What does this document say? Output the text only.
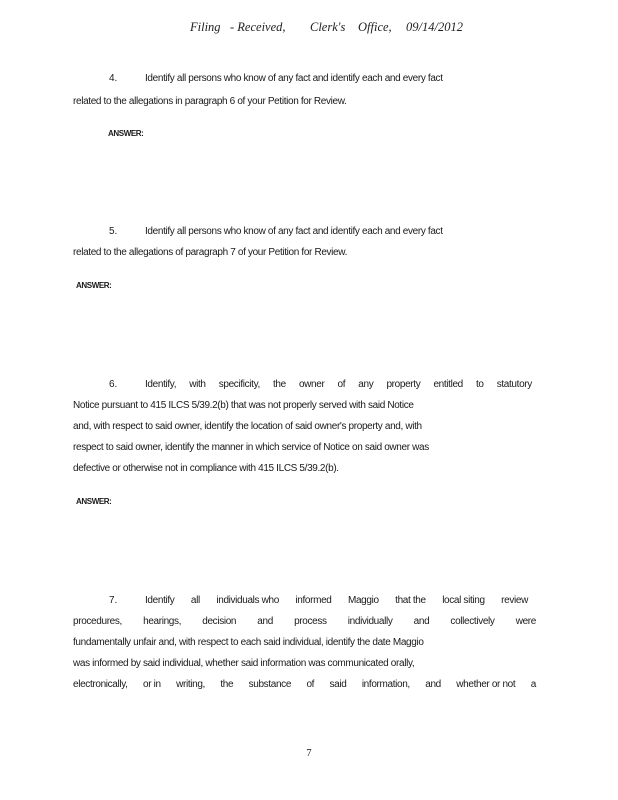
Filing - Received, Clerk's Office, 09/14/2012
4.	Identify all persons who know of any fact and identify each and every fact
related to the allegations in paragraph 6 of your Petition for Review.
ANSWER:
5.	Identify all persons who know of any fact and identify each and every fact
related to the allegations of paragraph 7 of your Petition for Review.
ANSWER:
6.	Identify, with specificity, the owner of any property entitled to statutory
Notice pursuant to 415 ILCS 5/39.2(b) that was not properly served with said Notice
and, with respect to said owner, identify the location of said owner's property and, with
respect to said owner, identify the manner in which service of Notice on said owner was
defective or otherwise not in compliance with 415 ILCS 5/39.2(b).
ANSWER:
7.	Identify all individuals who informed Maggio that the local siting review
procedures, hearings, decision and process individually and collectively were
fundamentally unfair and, with respect to each said individual, identify the date Maggio
was informed by said individual, whether said information was communicated orally,
electronically, or in writing, the substance of said information, and whether or not a
7
